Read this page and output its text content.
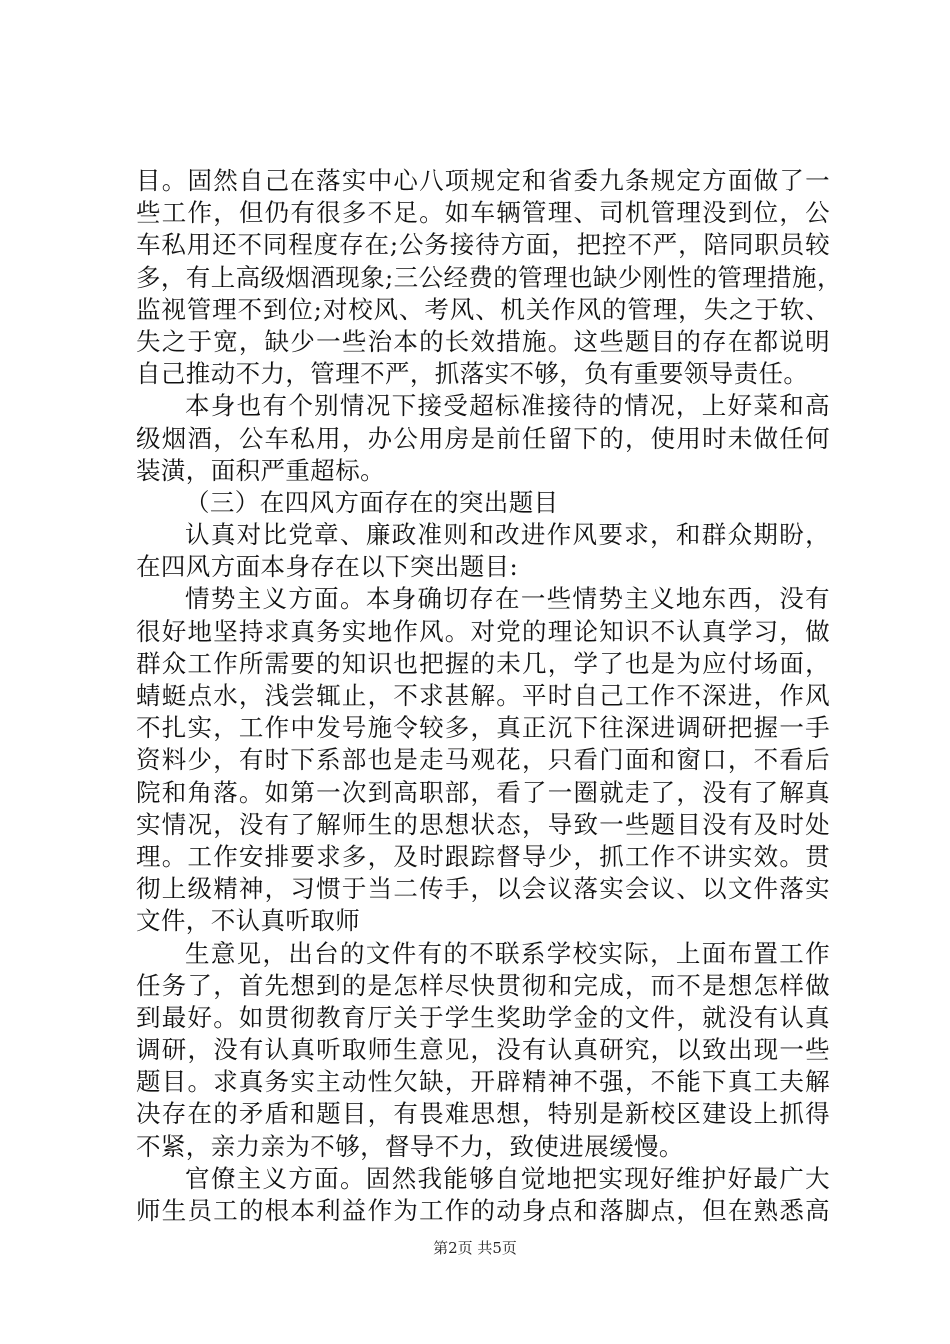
目。固然自己在落实中心八项规定和省委九条规定方面做了一
些工作，但仍有很多不足。如车辆管理、司机管理没到位，公
车私用还不同程度存在;公务接待方面，把控不严，陪同职员较
多，有上高级烟酒现象;三公经费的管理也缺少刚性的管理措施，
监视管理不到位;对校风、考风、机关作风的管理，失之于软、
失之于宽，缺少一些治本的长效措施。这些题目的存在都说明
自己推动不力，管理不严，抓落实不够，负有重要领导责任。
本身也有个别情况下接受超标准接待的情况，上好菜和高
级烟酒，公车私用，办公用房是前任留下的，使用时未做任何
装潢，面积严重超标。
（三）在四风方面存在的突出题目
认真对比党章、廉政准则和改进作风要求，和群众期盼，
在四风方面本身存在以下突出题目:
情势主义方面。本身确切存在一些情势主义地东西，没有
很好地坚持求真务实地作风。对党的理论知识不认真学习，做
群众工作所需要的知识也把握的未几，学了也是为应付场面，
蜻蜓点水，浅尝辄止，不求甚解。平时自己工作不深进，作风
不扎实，工作中发号施令较多，真正沉下往深进调研把握一手
资料少，有时下系部也是走马观花，只看门面和窗口，不看后
院和角落。如第一次到高职部，看了一圈就走了，没有了解真
实情况，没有了解师生的思想状态，导致一些题目没有及时处
理。工作安排要求多，及时跟踪督导少，抓工作不讲实效。贯
彻上级精神，习惯于当二传手，以会议落实会议、以文件落实
文件，不认真听取师
生意见，出台的文件有的不联系学校实际，上面布置工作
任务了，首先想到的是怎样尽快贯彻和完成，而不是想怎样做
到最好。如贯彻教育厅关于学生奖助学金的文件，就没有认真
调研，没有认真听取师生意见，没有认真研究，以致出现一些
题目。求真务实主动性欠缺，开辟精神不强，不能下真工夫解
决存在的矛盾和题目，有畏难思想，特别是新校区建设上抓得
不紧，亲力亲为不够，督导不力，致使进展缓慢。
官僚主义方面。固然我能够自觉地把实现好维护好最广大
师生员工的根本利益作为工作的动身点和落脚点，但在熟悉高
第2页 共5页
